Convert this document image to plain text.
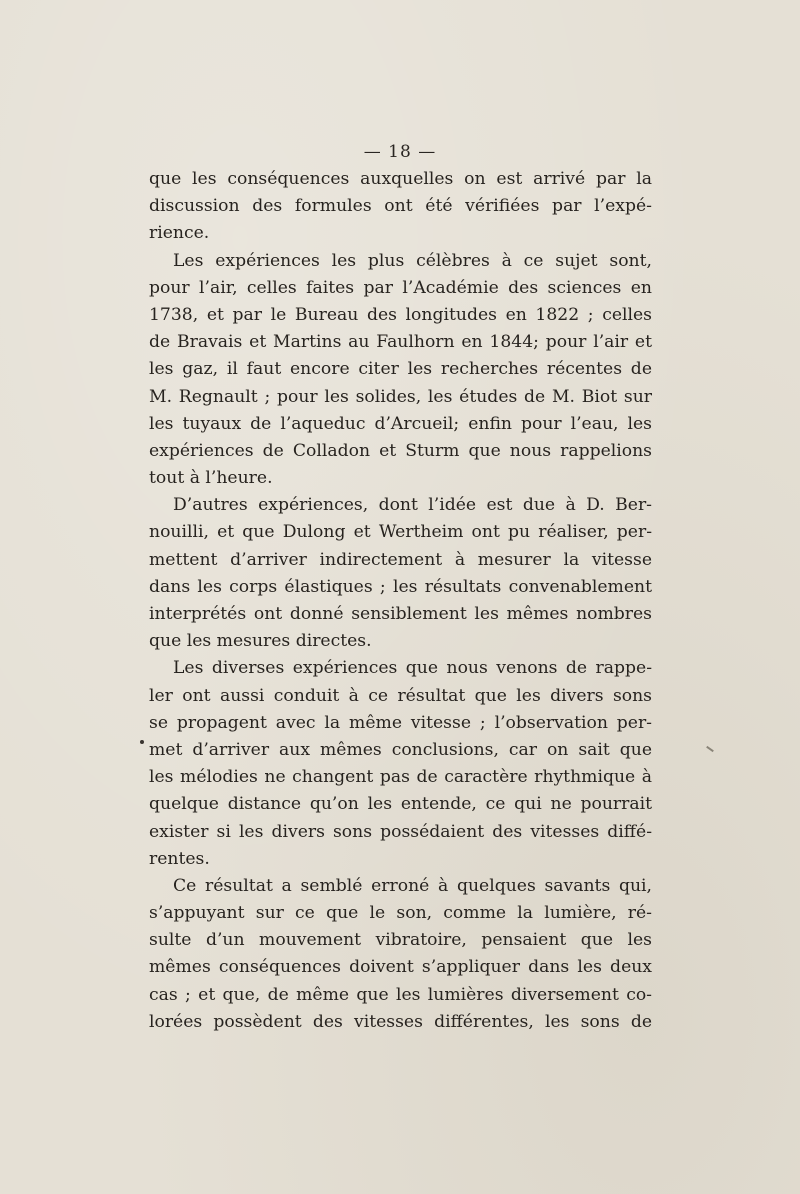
— 18 —
que les conséquences auxquelles on est arrivé par la
discussion des formules ont été vérifiées par l’expé-
rience.
Les expériences les plus célèbres à ce sujet sont,
pour l’air, celles faites par l’Académie des sciences en
1738, et par le Bureau des longitudes en 1822 ; celles
de Bravais et Martins au Faulhorn en 1844; pour l’air et
les gaz, il faut encore citer les recherches récentes de
M. Regnault ; pour les solides, les études de M. Biot sur
les tuyaux de l’aqueduc d’Arcueil; enfin pour l’eau, les
expériences de Colladon et Sturm que nous rappelions
tout à l’heure.
D’autres expériences, dont l’idée est due à D. Ber-
nouilli, et que Dulong et Wertheim ont pu réaliser, per-
mettent d’arriver indirectement à mesurer la vitesse
dans les corps élastiques ; les résultats convenablement
interprétés ont donné sensiblement les mêmes nombres
que les mesures directes.
Les diverses expériences que nous venons de rappe-
ler ont aussi conduit à ce résultat que les divers sons
se propagent avec la même vitesse ; l’observation per-
met d’arriver aux mêmes conclusions, car on sait que
les mélodies ne changent pas de caractère rhythmique à
quelque distance qu’on les entende, ce qui ne pourrait
exister si les divers sons possédaient des vitesses diffé-
rentes.
Ce résultat a semblé erroné à quelques savants qui,
s’appuyant sur ce que le son, comme la lumière, ré-
sulte d’un mouvement vibratoire, pensaient que les
mêmes conséquences doivent s’appliquer dans les deux
cas ; et que, de même que les lumières diversement co-
lorées possèdent des vitesses différentes, les sons de
